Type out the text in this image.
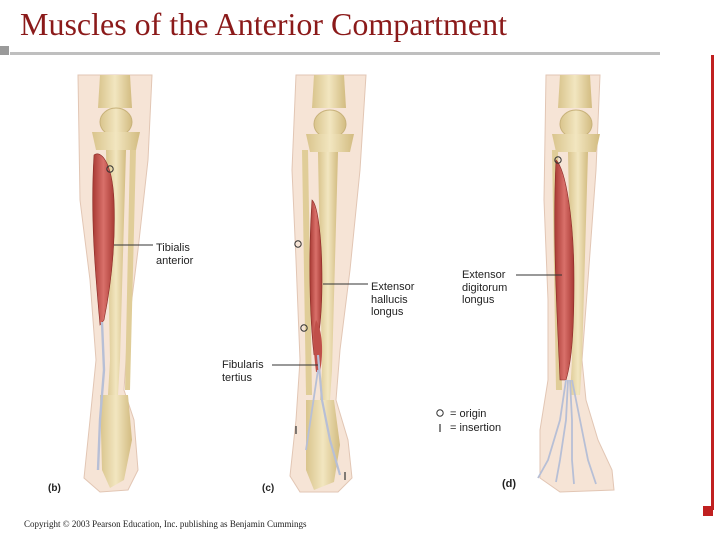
Muscles of the Anterior Compartment
Tibialis
anterior
Extensor
hallucis
longus
Extensor
digitorum
longus
Fibularis
tertius
= origin
= insertion
(b)	(c)	(d)
Copyright © 2003 Pearson Education, Inc. publishing as Benjamin Cummings
